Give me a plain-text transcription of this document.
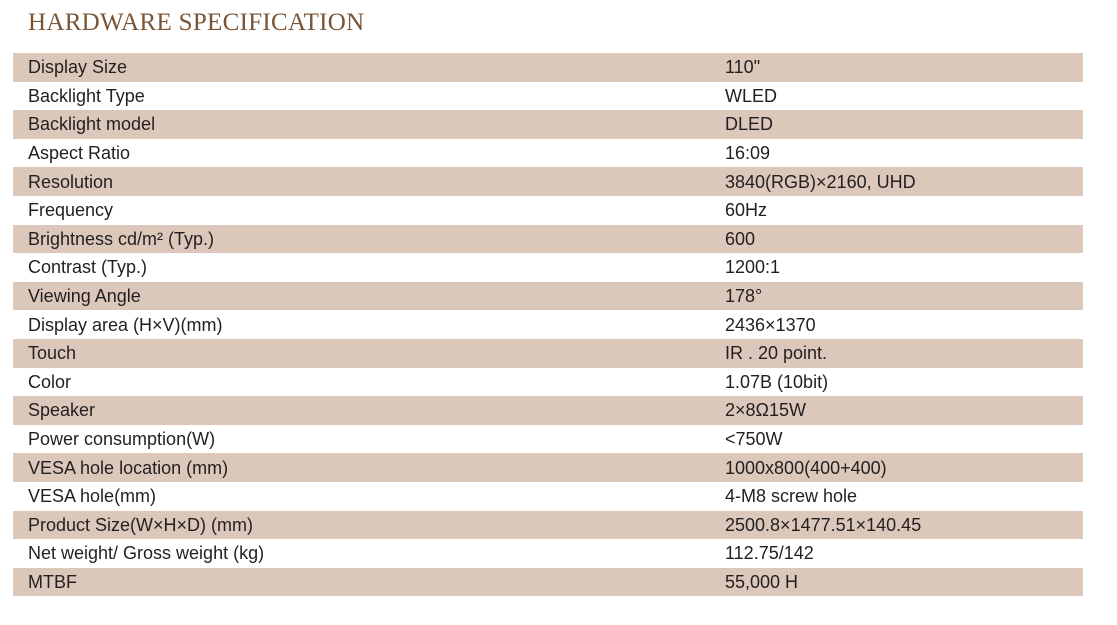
HARDWARE SPECIFICATION
Display Size	110"
Backlight Type	WLED
Backlight model	DLED
Aspect Ratio	16:09
Resolution	3840(RGB)×2160, UHD
Frequency	60Hz
Brightness cd/m² (Typ.)	600
Contrast (Typ.)	1200:1
Viewing Angle	178°
Display area (H×V)(mm)	2436×1370
Touch	IR . 20 point.
Color	1.07B (10bit)
Speaker	2×8Ω15W
Power consumption(W)	<750W
VESA hole location (mm)	1000x800(400+400)
VESA hole(mm)	4-M8 screw hole
Product Size(W×H×D) (mm)	2500.8×1477.51×140.45
Net weight/ Gross weight (kg)	112.75/142
MTBF	55,000 H
